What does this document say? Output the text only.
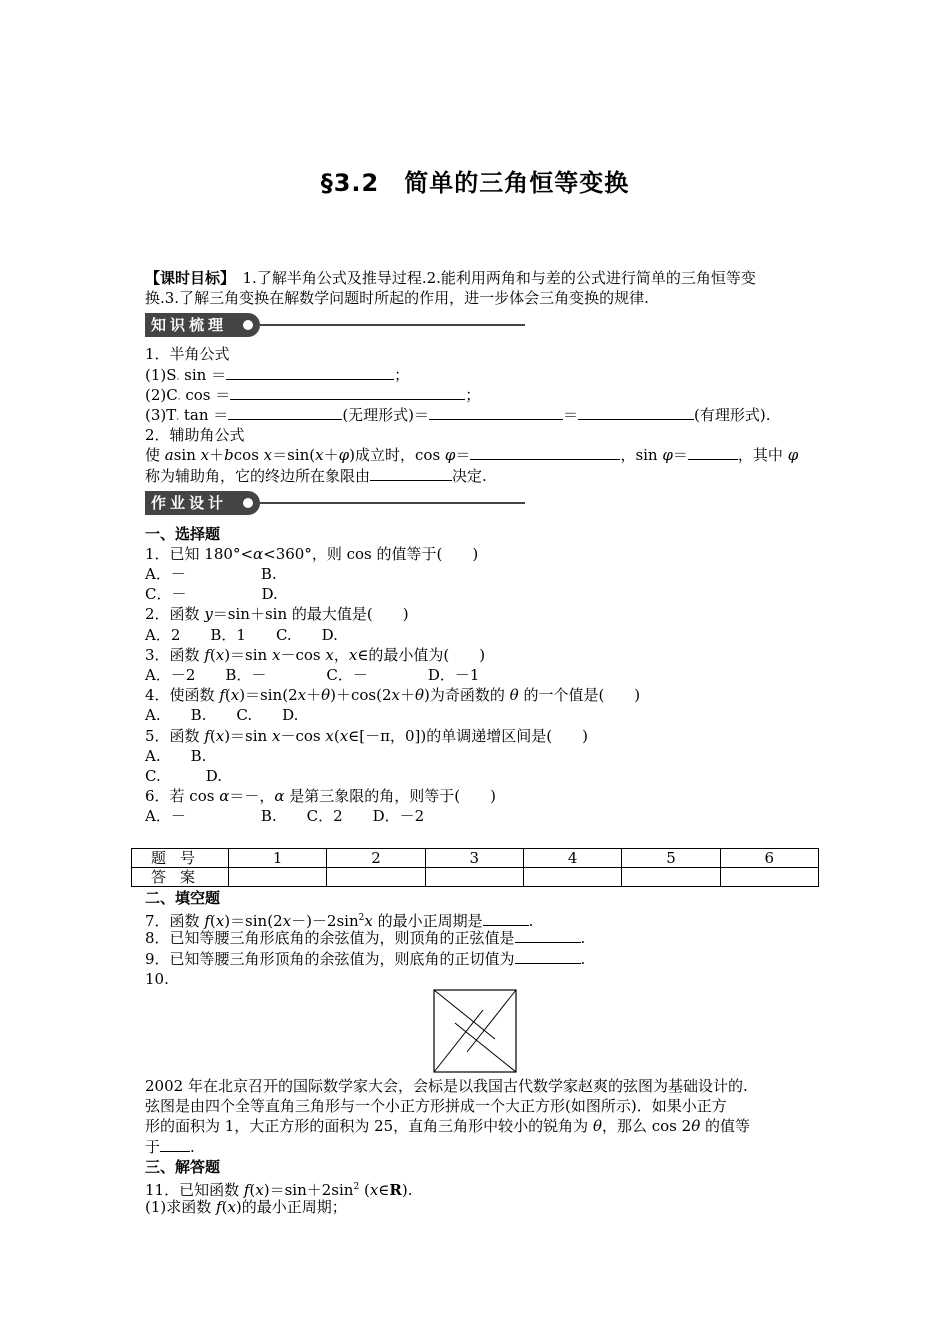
§3.2　简单的三角恒等变换
【课时目标】　1.了解半角公式及推导过程.2.能利用两角和与差的公式进行简单的三角恒等变
换.3.了解三角变换在解数学问题时所起的作用，进一步体会三角变换的规律.
知识梳理
1．半角公式
$(1)S_\cdot$ sin ＝	；
$(2)C_\cdot$ cos ＝	；
$(3)T_\cdot$ tan ＝	(无理形式)＝	＝	(有理形式).
2．辅助角公式
使 asin x＋bcos x＝sin(x＋φ)成立时，cos φ＝	，sin φ＝	，其中 φ
称为辅助角，它的终边所在象限由	决定.
作业设计
一、选择题
1．已知 180°<α<360°，则 cos 的值等于(　　)
A．－　　　　　B.
C．－　　　　　D.
2．函数 y＝sin＋sin 的最大值是(　　)
A．2　　B．1　　C.　　D.
3．函数 f(x)＝sin x－cos x，x∈的最小值为(　　)
A．－2　　B．－　　　　C．－　　　　D．－1
4．使函数 f(x)＝sin(2x＋θ)＋cos(2x＋θ)为奇函数的 θ 的一个值是(　　)
A.　　B.　　C.　　D.
5．函数 f(x)＝sin x－cos x(x∈[－π，0])的单调递增区间是(　　)
A.　　B.
C.　　　D.
6．若 cos α＝－，α 是第三象限的角，则等于(　　)
A．－　　　　　B.　　C．2　　D．－2
题号	1	2	3	4	5	6
答案						
二、填空题
7．函数 $f(x)=\sin(2x-)-2\sin^2x$ 的最小正周期是	.
8．已知等腰三角形底角的余弦值为，则顶角的正弦值是	.
9．已知等腰三角形顶角的余弦值为，则底角的正切值为	.
10.
2002 年在北京召开的国际数学家大会，会标是以我国古代数学家赵爽的弦图为基础设计的.
弦图是由四个全等直角三角形与一个小正方形拼成一个大正方形(如图所示)．如果小正方
形的面积为 1，大正方形的面积为 25，直角三角形中较小的锐角为 θ，那么 cos 2θ 的值等
于 .
三、解答题
11．已知函数 $f(x)=\sin+2\sin^2$ (x∈R).
(1)求函数 f(x)的最小正周期；
